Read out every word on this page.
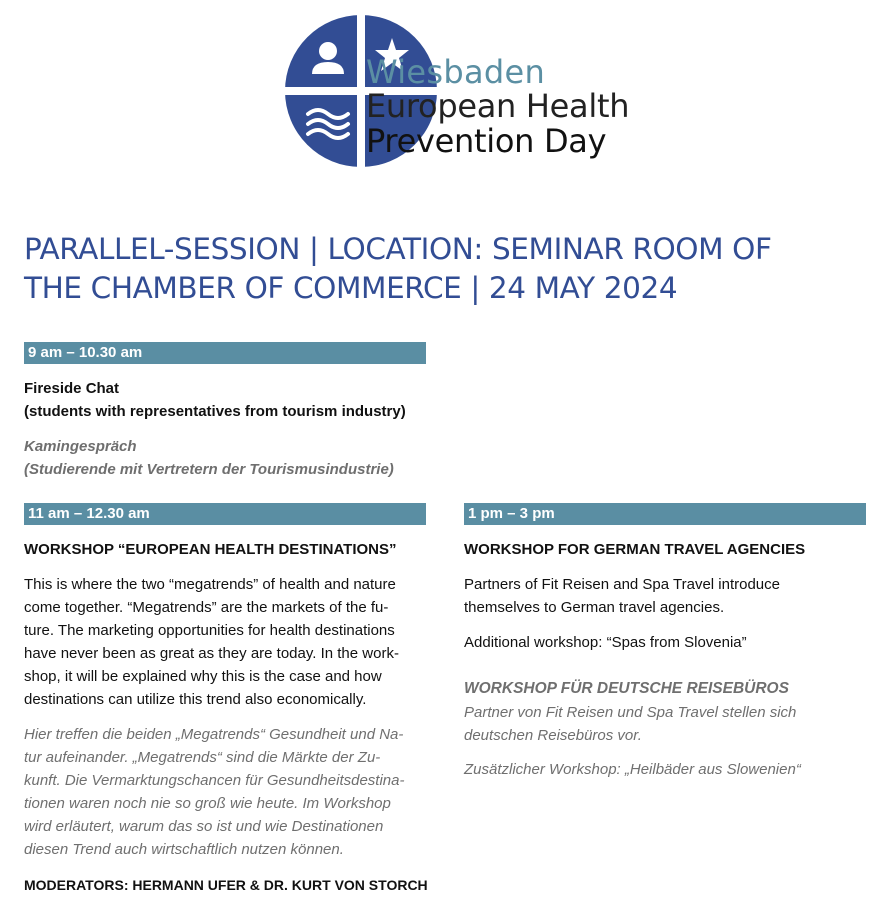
Wiesbaden
European Health
Prevention Day
PARALLEL-SESSION | LOCATION: SEMINAR ROOM OF
THE CHAMBER OF COMMERCE | 24 MAY 2024
9 am – 10.30 am
Fireside Chat
(students with representatives from tourism industry)
Kamingespräch
(Studierende mit Vertretern der Tourismusindustrie)
11 am – 12.30 am
WORKSHOP “EUROPEAN HEALTH DESTINATIONS”
This is where the two “megatrends” of health and nature
come together. “Megatrends” are the markets of the fu-
ture. The marketing opportunities for health destinations
have never been as great as they are today. In the work-
shop, it will be explained why this is the case and how
destinations can utilize this trend also economically.
Hier treffen die beiden „Megatrends“ Gesundheit und Na-
tur aufeinander. „Megatrends“ sind die Märkte der Zu-
kunft. Die Vermarktungschancen für Gesundheitsdestina-
tionen waren noch nie so groß wie heute. Im Workshop
wird erläutert, warum das so ist und wie Destinationen
diesen Trend auch wirtschaftlich nutzen können.
MODERATORS: HERMANN UFER & DR. KURT VON STORCH
1 pm – 3 pm
WORKSHOP FOR GERMAN TRAVEL AGENCIES
Partners of Fit Reisen and Spa Travel introduce
themselves to German travel agencies.
Additional workshop: “Spas from Slovenia”
WORKSHOP FÜR DEUTSCHE REISEBÜROS
Partner von Fit Reisen und Spa Travel stellen sich
deutschen Reisebüros vor.
Zusätzlicher Workshop: „Heilbäder aus Slowenien“
